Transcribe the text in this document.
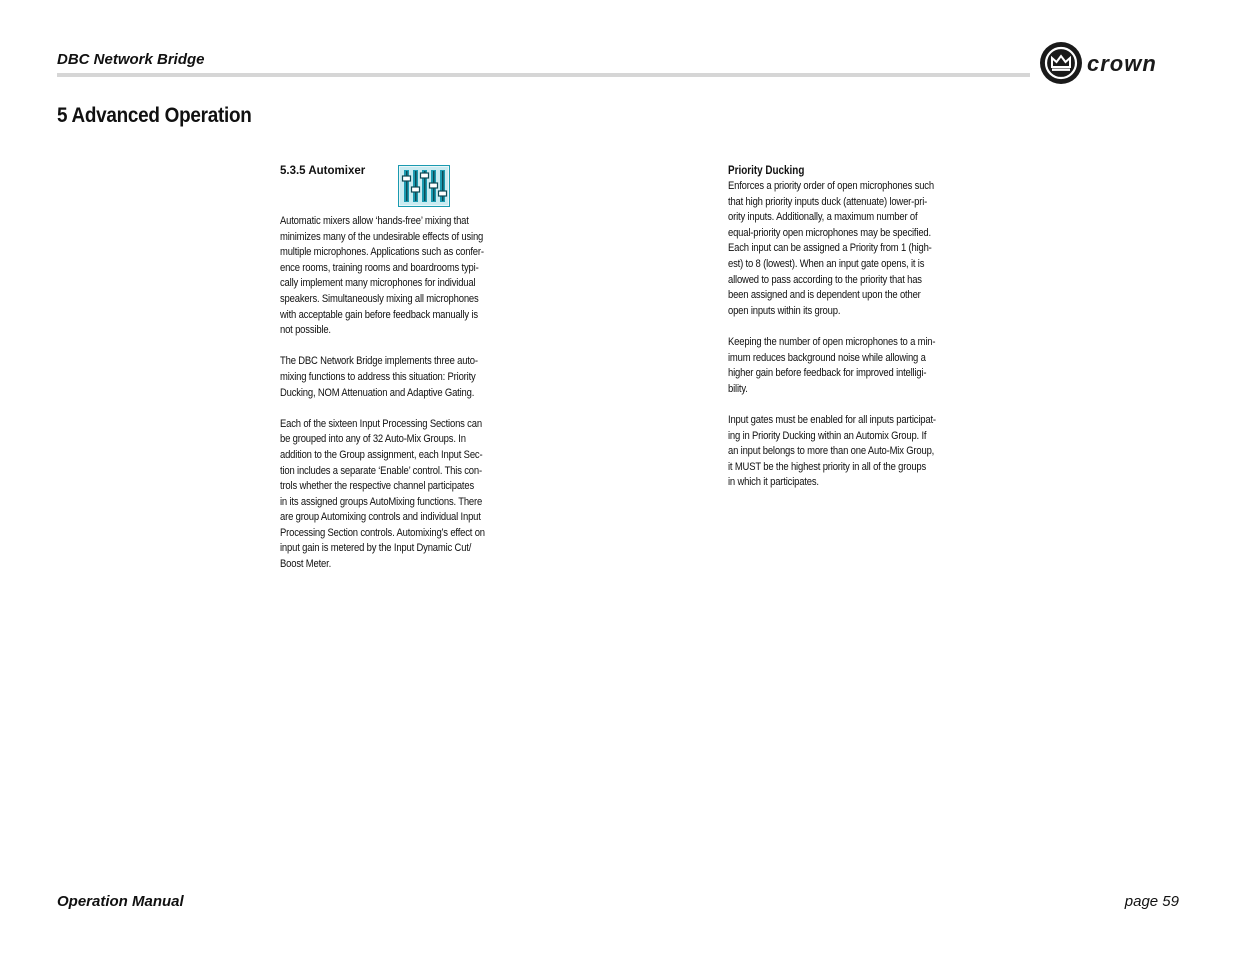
DBC Network Bridge	crown
5 Advanced Operation
5.3.5 Automixer

Automatic mixers allow ‘hands-free’ mixing that
minimizes many of the undesirable effects of using
multiple microphones. Applications such as confer-
ence rooms, training rooms and boardrooms typi-
cally implement many microphones for individual
speakers. Simultaneously mixing all microphones
with acceptable gain before feedback manually is
not possible.

The DBC Network Bridge implements three auto-
mixing functions to address this situation: Priority
Ducking, NOM Attenuation and Adaptive Gating.

Each of the sixteen Input Processing Sections can
be grouped into any of 32 Auto-Mix Groups. In
addition to the Group assignment, each Input Sec-
tion includes a separate ‘Enable’ control. This con-
trols whether the respective channel participates
in its assigned groups AutoMixing functions. There
are group Automixing controls and individual Input
Processing Section controls. Automixing’s effect on
input gain is metered by the Input Dynamic Cut/
Boost Meter.

Priority Ducking

Enforces a priority order of open microphones such
that high priority inputs duck (attenuate) lower-pri-
ority inputs. Additionally, a maximum number of
equal-priority open microphones may be specified.
Each input can be assigned a Priority from 1 (high-
est) to 8 (lowest). When an input gate opens, it is
allowed to pass according to the priority that has
been assigned and is dependent upon the other
open inputs within its group.

Keeping the number of open microphones to a min-
imum reduces background noise while allowing a
higher gain before feedback for improved intelligi-
bility.

Input gates must be enabled for all inputs participat-
ing in Priority Ducking within an Automix Group. If
an input belongs to more than one Auto-Mix Group,
it MUST be the highest priority in all of the groups
in which it participates.

Operation Manual	page 59
